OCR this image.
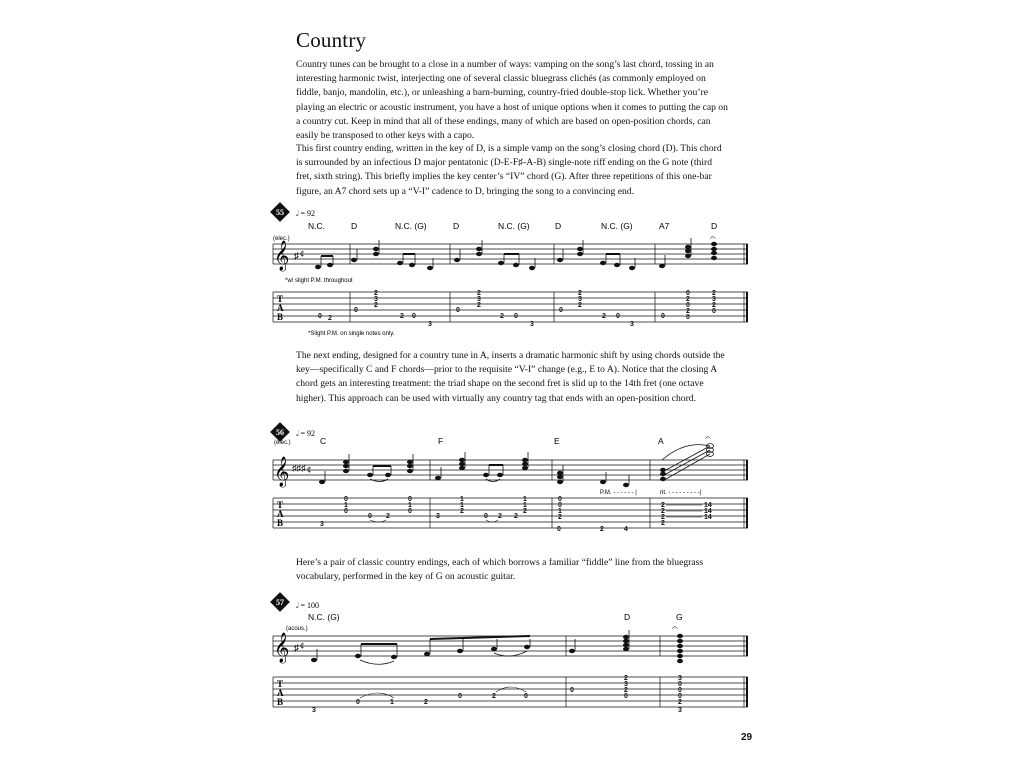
Country

Country tunes can be brought to a close in a number of ways: vamping on the song’s last chord, tossing in an interesting harmonic twist, interjecting one of several classic bluegrass clichés (as commonly employed on fiddle, banjo, mandolin, etc.), or unleashing a barn-burning, country-fried double-stop lick. Whether you’re playing an electric or acoustic instrument, you have a host of unique options when it comes to putting the cap on a country cut. Keep in mind that all of these endings, many of which are based on open-position chords, can easily be transposed to other keys with a capo.

This first country ending, written in the key of D, is a simple vamp on the song’s closing chord (D). This chord is surrounded by an infectious D major pentatonic (D-E-F♯-A-B) single-note riff ending on the G note (third fret, sixth string). This briefly implies the key center’s “IV” chord (G). After three repetitions of this one-bar figure, an A7 chord sets up a “V-I” cadence to D, bringing the song to a convincing end.

55 𝅗𝅥 = 92
N.C.	D	N.C. (G)	D	N.C. (G)	D	N.C. (G)	A7	D
(elec.)
𝄞 ♯ ¢
𝄐
*w/ slight P.M. throughout
T
A
B	0 2
0
2
3
2
2 0
3
0
2
3
2
2 0
3
0
2
3
2
2 0
3
0
0
2
0
2
0
2
3
2
0
*Slight P.M. on single notes only.

The next ending, designed for a country tune in A, inserts a dramatic harmonic shift by using chords outside the key—specifically C and F chords—prior to the requisite “V-I” change (e.g., E to A). Notice that the closing A chord gets an interesting treatment: the triad shape on the second fret is slid up to the 14th fret (one octave higher). This approach can be used with virtually any country tag that ends with an open-position chord.

56 𝅗𝅥 = 92
(elec.)	C	F	E	A
𝄞 ♯♯♯ ¢
𝄐
P.M. - - - - - - |	rit. - - - - - - - - -|
T
A
B	3
0
1
0
0 2
0
1
0
3
1
1
2
0 2 2
1
1
2
0
0
1
2
0	2	4
2
2
2
2
14
14
14

Here’s a pair of classic country endings, each of which borrows a familiar “fiddle” line from the bluegrass vocabulary, performed in the key of G on acoustic guitar.

57 𝅗𝅥 = 100
N.C. (G)	D	G
(acous.)
𝄞 ♯ ¢
𝄐
T
A
B
3
0	1	2
0	2	0
0
2
3
2
0
3
0
0
0
2
3
29
